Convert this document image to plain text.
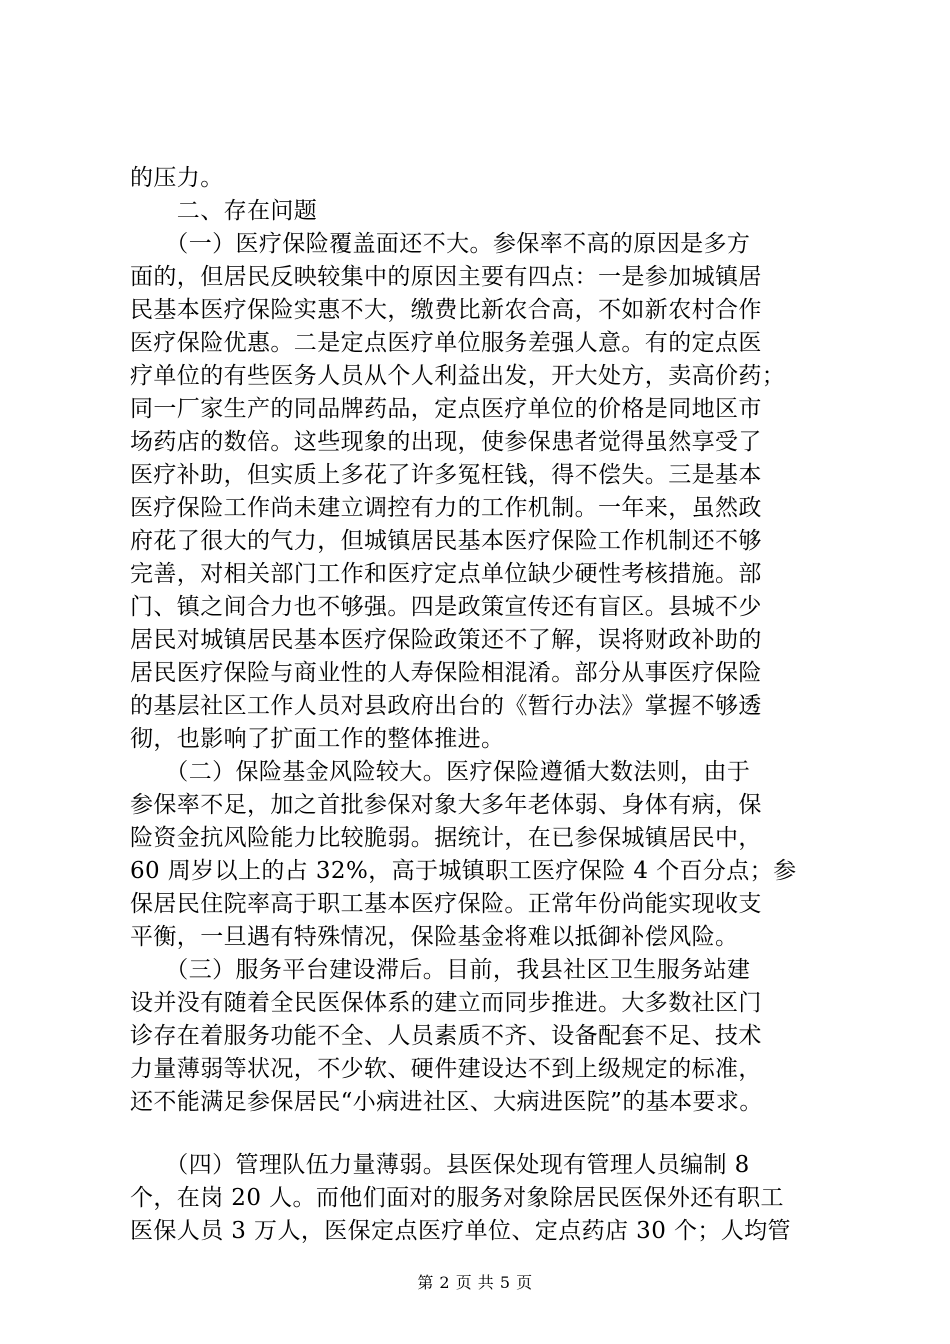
的压力。
　　二、存在问题
　　（一）医疗保险覆盖面还不大。参保率不高的原因是多方
面的，但居民反映较集中的原因主要有四点：一是参加城镇居
民基本医疗保险实惠不大，缴费比新农合高，不如新农村合作
医疗保险优惠。二是定点医疗单位服务差强人意。有的定点医
疗单位的有些医务人员从个人利益出发，开大处方，卖高价药；
同一厂家生产的同品牌药品，定点医疗单位的价格是同地区市
场药店的数倍。这些现象的出现，使参保患者觉得虽然享受了
医疗补助，但实质上多花了许多冤枉钱，得不偿失。三是基本
医疗保险工作尚未建立调控有力的工作机制。一年来，虽然政
府花了很大的气力，但城镇居民基本医疗保险工作机制还不够
完善，对相关部门工作和医疗定点单位缺少硬性考核措施。部
门、镇之间合力也不够强。四是政策宣传还有盲区。县城不少
居民对城镇居民基本医疗保险政策还不了解，误将财政补助的
居民医疗保险与商业性的人寿保险相混淆。部分从事医疗保险
的基层社区工作人员对县政府出台的《暂行办法》掌握不够透
彻，也影响了扩面工作的整体推进。
　　（二）保险基金风险较大。医疗保险遵循大数法则，由于
参保率不足，加之首批参保对象大多年老体弱、身体有病，保
险资金抗风险能力比较脆弱。据统计，在已参保城镇居民中，
60 周岁以上的占 32%，高于城镇职工医疗保险 4 个百分点；参
保居民住院率高于职工基本医疗保险。正常年份尚能实现收支
平衡，一旦遇有特殊情况，保险基金将难以抵御补偿风险。
　　（三）服务平台建设滞后。目前，我县社区卫生服务站建
设并没有随着全民医保体系的建立而同步推进。大多数社区门
诊存在着服务功能不全、人员素质不齐、设备配套不足、技术
力量薄弱等状况，不少软、硬件建设达不到上级规定的标准，
还不能满足参保居民“小病进社区、大病进医院”的基本要求。
　　（四）管理队伍力量薄弱。县医保处现有管理人员编制 8
个，在岗 20 人。而他们面对的服务对象除居民医保外还有职工
医保人员 3 万人，医保定点医疗单位、定点药店 30 个；人均管
第 2 页 共 5 页
